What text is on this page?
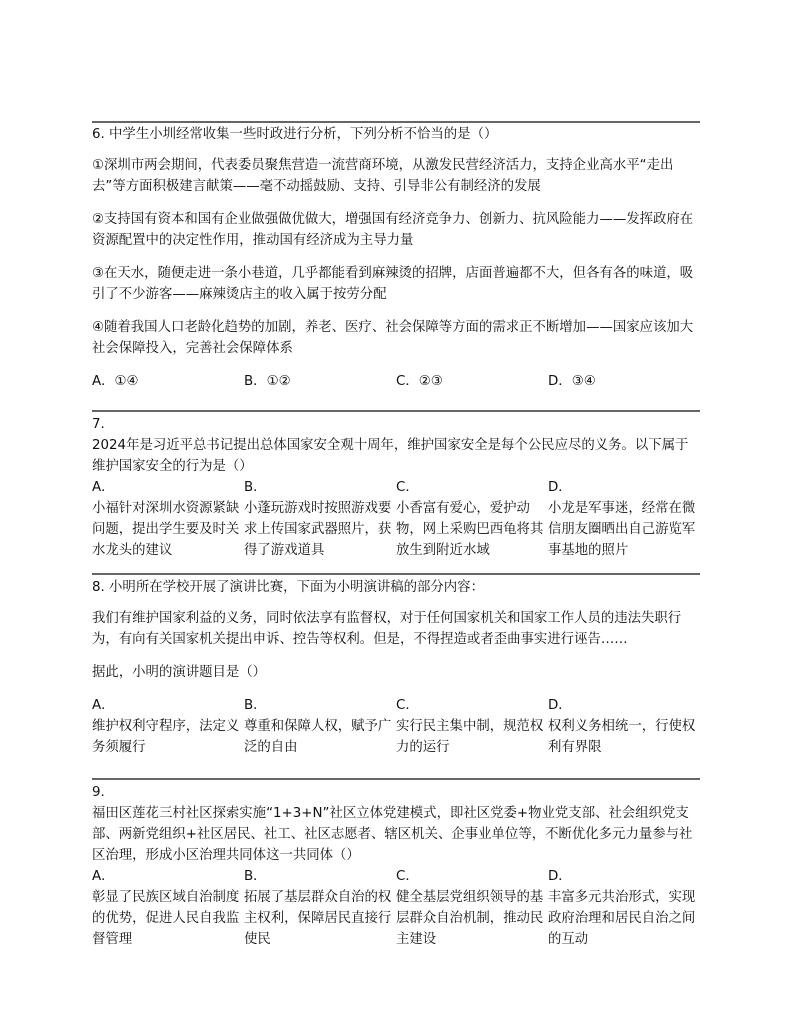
6. 中学生小圳经常收集一些时政进行分析，下列分析不恰当的是（）

①深圳市两会期间，代表委员聚焦营造一流营商环境，从激发民营经济活力，支持企业高水平“走出去”等方面积极建言献策——毫不动摇鼓励、支持、引导非公有制经济的发展

②支持国有资本和国有企业做强做优做大，增强国有经济竞争力、创新力、抗风险能力——发挥政府在资源配置中的决定性作用，推动国有经济成为主导力量

③在天水，随便走进一条小巷道，几乎都能看到麻辣烫的招牌，店面普遍都不大，但各有各的味道，吸引了不少游客——麻辣烫店主的收入属于按劳分配

④随着我国人口老龄化趋势的加剧，养老、医疗、社会保障等方面的需求正不断增加——国家应该加大社会保障投入，完善社会保障体系

A．①④	B．①②	C．②③	D．③④

7.

2024年是习近平总书记提出总体国家安全观十周年，维护国家安全是每个公民应尽的义务。以下属于维护国家安全的行为是（）

A．
小福针对深圳水资源紧缺问题，提出学生要及时关水龙头的建议
B．
小蓬玩游戏时按照游戏要求上传国家武器照片，获得了游戏道具
C．
小香富有爱心，爱护动物，网上采购巴西龟将其放生到附近水域
D．
小龙是军事迷，经常在微信朋友圈晒出自己游览军事基地的照片

8. 小明所在学校开展了演讲比赛，下面为小明演讲稿的部分内容：

我们有维护国家利益的义务，同时依法享有监督权，对于任何国家机关和国家工作人员的违法失职行为，有向有关国家机关提出申诉、控告等权利。但是，不得捏造或者歪曲事实进行诬告……

据此，小明的演讲题目是（）

A．
维护权利守程序，法定义务须履行
B．
尊重和保障人权，赋予广泛的自由
C．
实行民主集中制，规范权力的运行
D．
权利义务相统一，行使权利有界限

9.

福田区莲花三村社区探索实施“1+3+N”社区立体党建模式，即社区党委+物业党支部、社会组织党支部、两新党组织+社区居民、社工、社区志愿者、辖区机关、企事业单位等，不断优化多元力量参与社区治理，形成小区治理共同体这一共同体（）

A．
彰显了民族区域自治制度的优势，促进人民自我监督管理
B．
拓展了基层群众自治的权主权利，保障居民直接行使民
C．
健全基层党组织领导的基层群众自治机制，推动民主建设
D．
丰富多元共治形式，实现政府治理和居民自治之间的互动
